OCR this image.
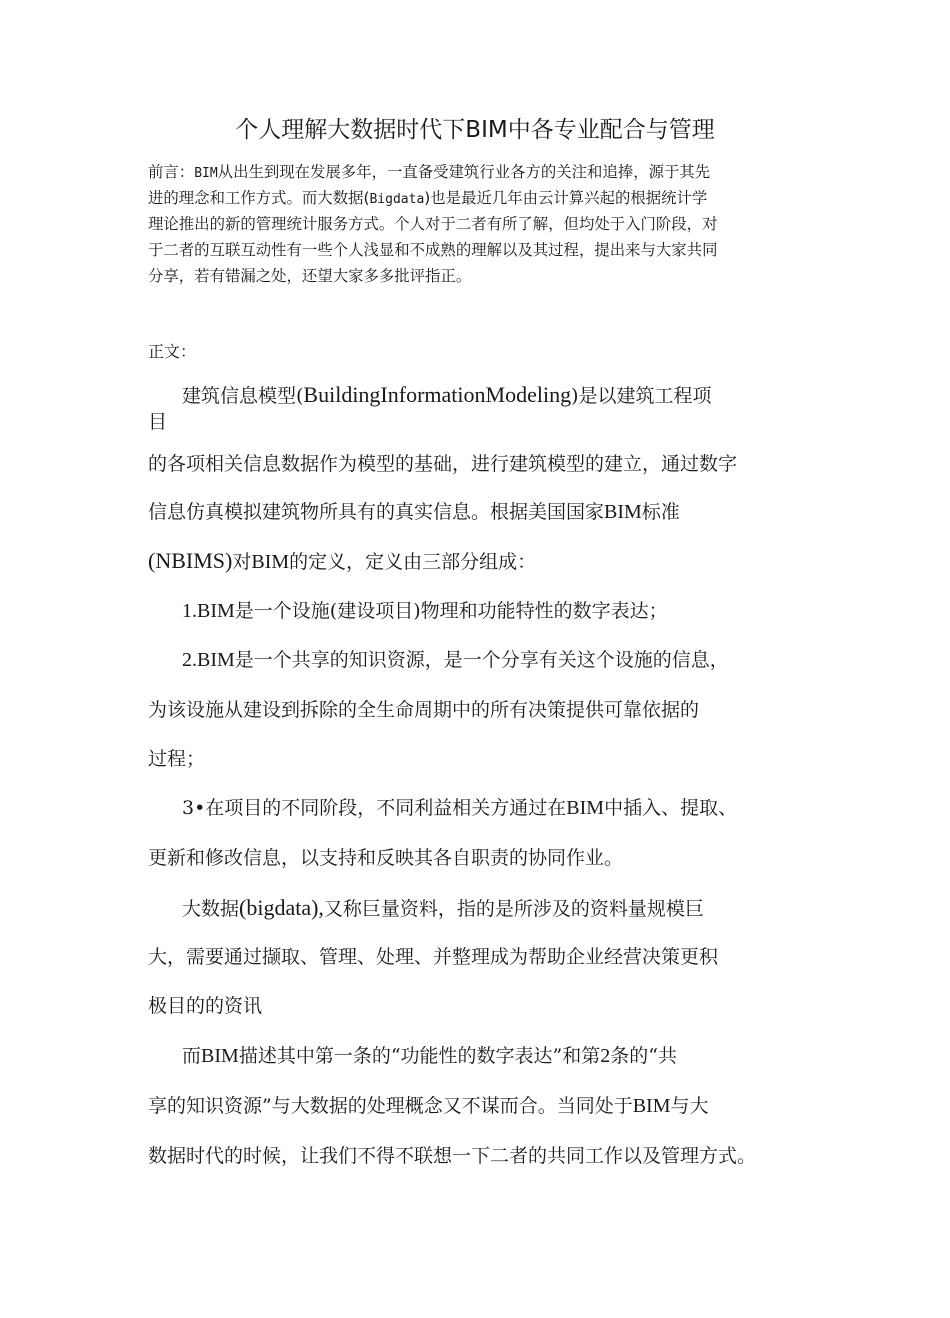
个人理解大数据时代下BIM中各专业配合与管理
前言：BIM从出生到现在发展多年，一直备受建筑行业各方的关注和追捧，源于其先
进的理念和工作方式。而大数据(Bigdata)也是最近几年由云计算兴起的根据统计学
理论推出的新的管理统计服务方式。个人对于二者有所了解，但均处于入门阶段，对
于二者的互联互动性有一些个人浅显和不成熟的理解以及其过程，提出来与大家共同
分享，若有错漏之处，还望大家多多批评指正。
正文：
建筑信息模型(BuildingInformationModeling)是以建筑工程项
目
的各项相关信息数据作为模型的基础，进行建筑模型的建立，通过数字
信息仿真模拟建筑物所具有的真实信息。根据美国国家BIM标准
(NBIMS)对BIM的定义，定义由三部分组成：
1.BIM是一个设施(建设项目)物理和功能特性的数字表达；
2.BIM是一个共享的知识资源，是一个分享有关这个设施的信息，
为该设施从建设到拆除的全生命周期中的所有决策提供可靠依据的
过程；
3•在项目的不同阶段，不同利益相关方通过在BIM中插入、提取、
更新和修改信息，以支持和反映其各自职责的协同作业。
大数据(bigdata),又称巨量资料，指的是所涉及的资料量规模巨
大，需要通过撷取、管理、处理、并整理成为帮助企业经营决策更积
极目的的资讯
而BIM描述其中第一条的“功能性的数字表达”和第2条的“共
享的知识资源”与大数据的处理概念又不谋而合。当同处于BIM与大
数据时代的时候，让我们不得不联想一下二者的共同工作以及管理方式。
